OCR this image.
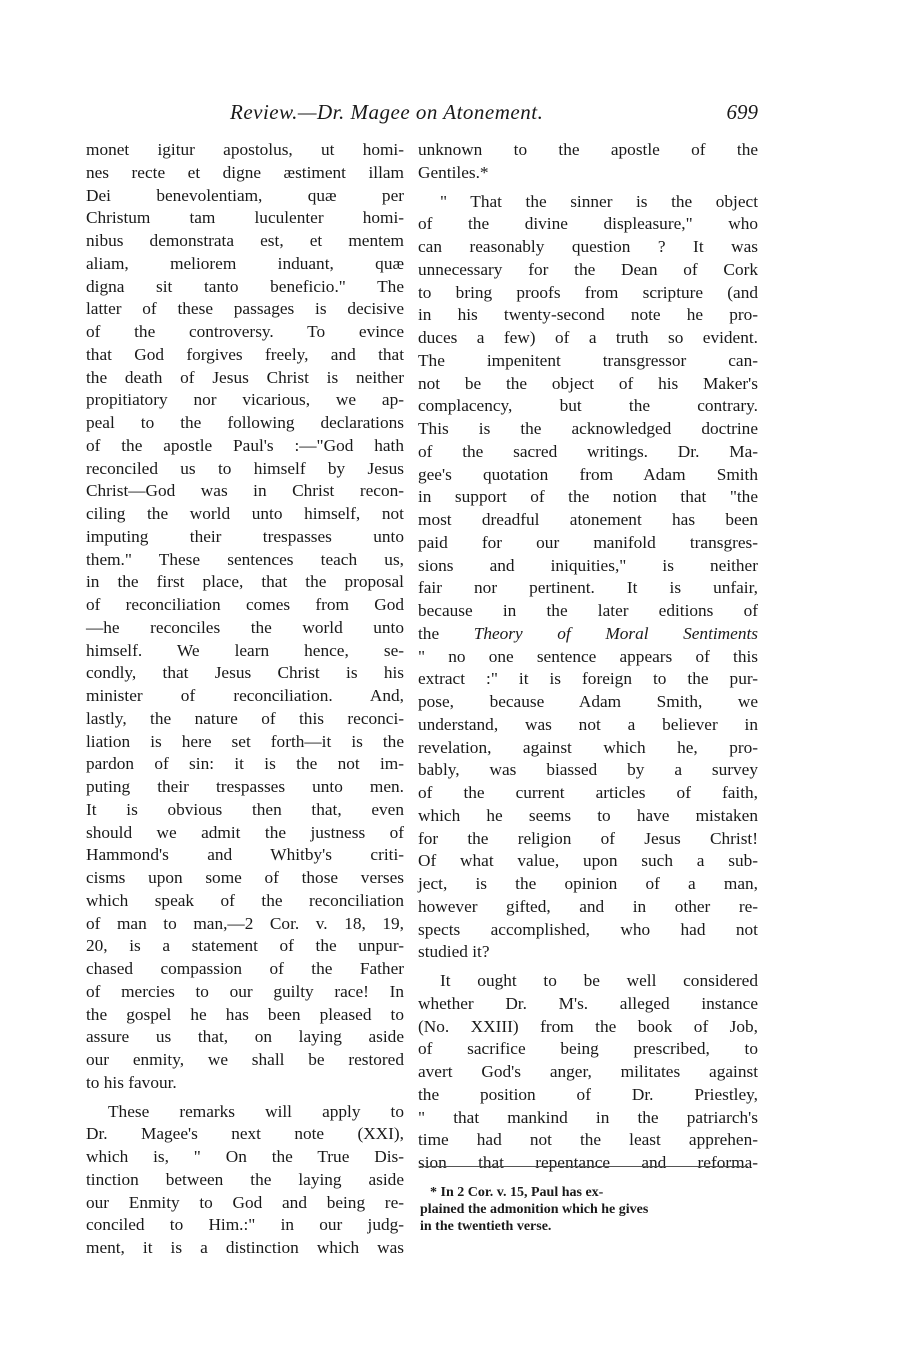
Review.—Dr. Magee on Atonement.	699
monet igitur apostolus, ut homi-
nes recte et digne æstiment illam
Dei benevolentiam, quæ per
Christum tam luculenter homi-
nibus demonstrata est, et mentem
aliam, meliorem induant, quæ
digna sit tanto beneficio." The
latter of these passages is decisive
of the controversy. To evince
that God forgives freely, and that
the death of Jesus Christ is neither
propitiatory nor vicarious, we ap-
peal to the following declarations
of the apostle Paul's :—"God hath
reconciled us to himself by Jesus
Christ—God was in Christ recon-
ciling the world unto himself, not
imputing their trespasses unto
them." These sentences teach us,
in the first place, that the proposal
of reconciliation comes from God
—he reconciles the world unto
himself. We learn hence, se-
condly, that Jesus Christ is his
minister of reconciliation. And,
lastly, the nature of this reconci-
liation is here set forth—it is the
pardon of sin: it is the not im-
puting their trespasses unto men.
It is obvious then that, even
should we admit the justness of
Hammond's and Whitby's criti-
cisms upon some of those verses
which speak of the reconciliation
of man to man,—2 Cor. v. 18, 19,
20, is a statement of the unpur-
chased compassion of the Father
of mercies to our guilty race! In
the gospel he has been pleased to
assure us that, on laying aside
our enmity, we shall be restored
to his favour.
These remarks will apply to
Dr. Magee's next note (XXI),
which is, " On the True Dis-
tinction between the laying aside
our Enmity to God and being re-
conciled to Him.:" in our judg-
ment, it is a distinction which was
unknown to the apostle of the
Gentiles.*
" That the sinner is the object
of the divine displeasure," who
can reasonably question ? It was
unnecessary for the Dean of Cork
to bring proofs from scripture (and
in his twenty-second note he pro-
duces a few) of a truth so evident.
The impenitent transgressor can-
not be the object of his Maker's
complacency, but the contrary.
This is the acknowledged doctrine
of the sacred writings. Dr. Ma-
gee's quotation from Adam Smith
in support of the notion that "the
most dreadful atonement has been
paid for our manifold transgres-
sions and iniquities," is neither
fair nor pertinent. It is unfair,
because in the later editions of
the Theory of Moral Sentiments
" no one sentence appears of this
extract :" it is foreign to the pur-
pose, because Adam Smith, we
understand, was not a believer in
revelation, against which he, pro-
bably, was biassed by a survey
of the current articles of faith,
which he seems to have mistaken
for the religion of Jesus Christ!
Of what value, upon such a sub-
ject, is the opinion of a man,
however gifted, and in other re-
spects accomplished, who had not
studied it?
It ought to be well considered
whether Dr. M's. alleged instance
(No. XXIII) from the book of Job,
of sacrifice being prescribed, to
avert God's anger, militates against
the position of Dr. Priestley,
" that mankind in the patriarch's
time had not the least apprehen-
sion that repentance and reforma-
* In 2 Cor. v. 15, Paul has ex-
plained the admonition which he gives
in the twentieth verse.
